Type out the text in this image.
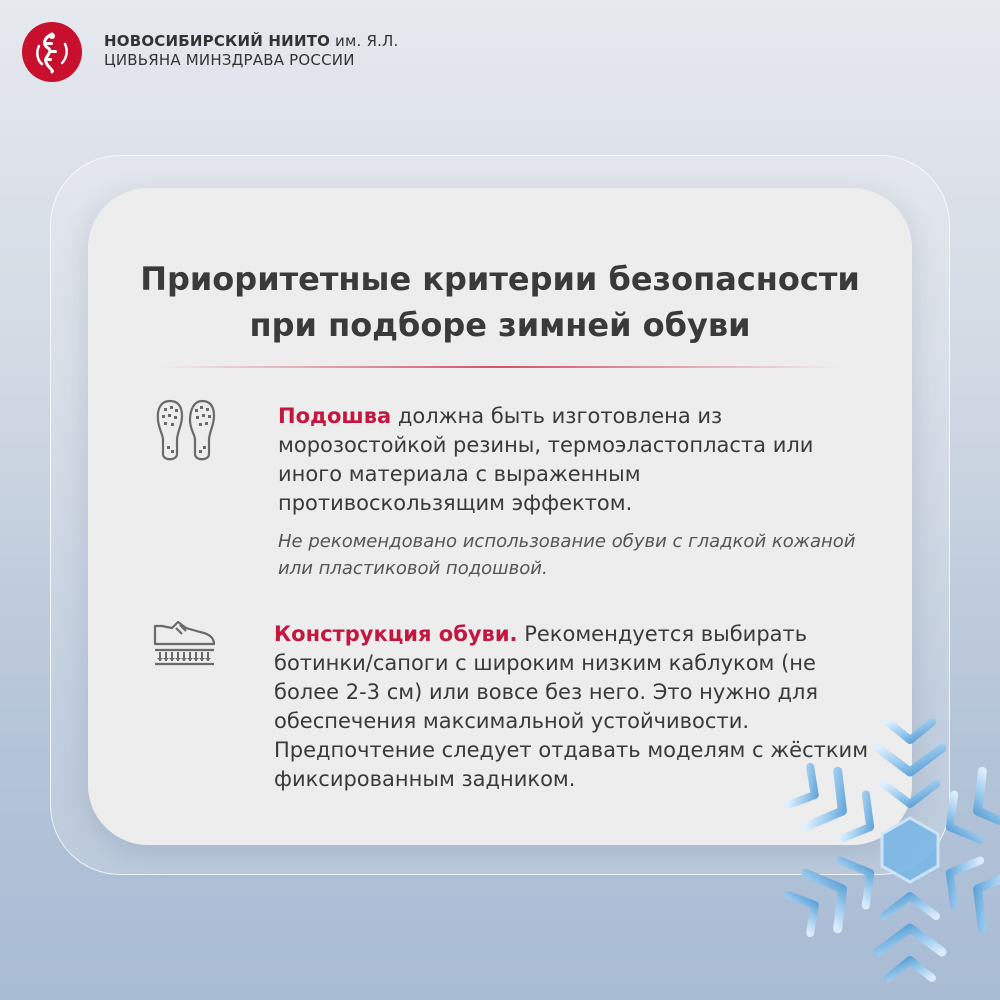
НОВОСИБИРСКИЙ НИИТО им. Я.Л.
ЦИВЬЯНА МИНЗДРАВА РОССИИ
Приоритетные критерии безопасности
при подборе зимней обуви
Подошва должна быть изготовлена из морозостойкой резины, термоэластопласта или иного материала с выраженным противоскользящим эффектом.
Не рекомендовано использование обуви с гладкой кожаной или пластиковой подошвой.
Конструкция обуви. Рекомендуется выбирать ботинки/сапоги с широким низким каблуком (не более 2-3 см) или вовсе без него. Это нужно для обеспечения максимальной устойчивости. Предпочтение следует отдавать моделям с жёстким фиксированным задником.
